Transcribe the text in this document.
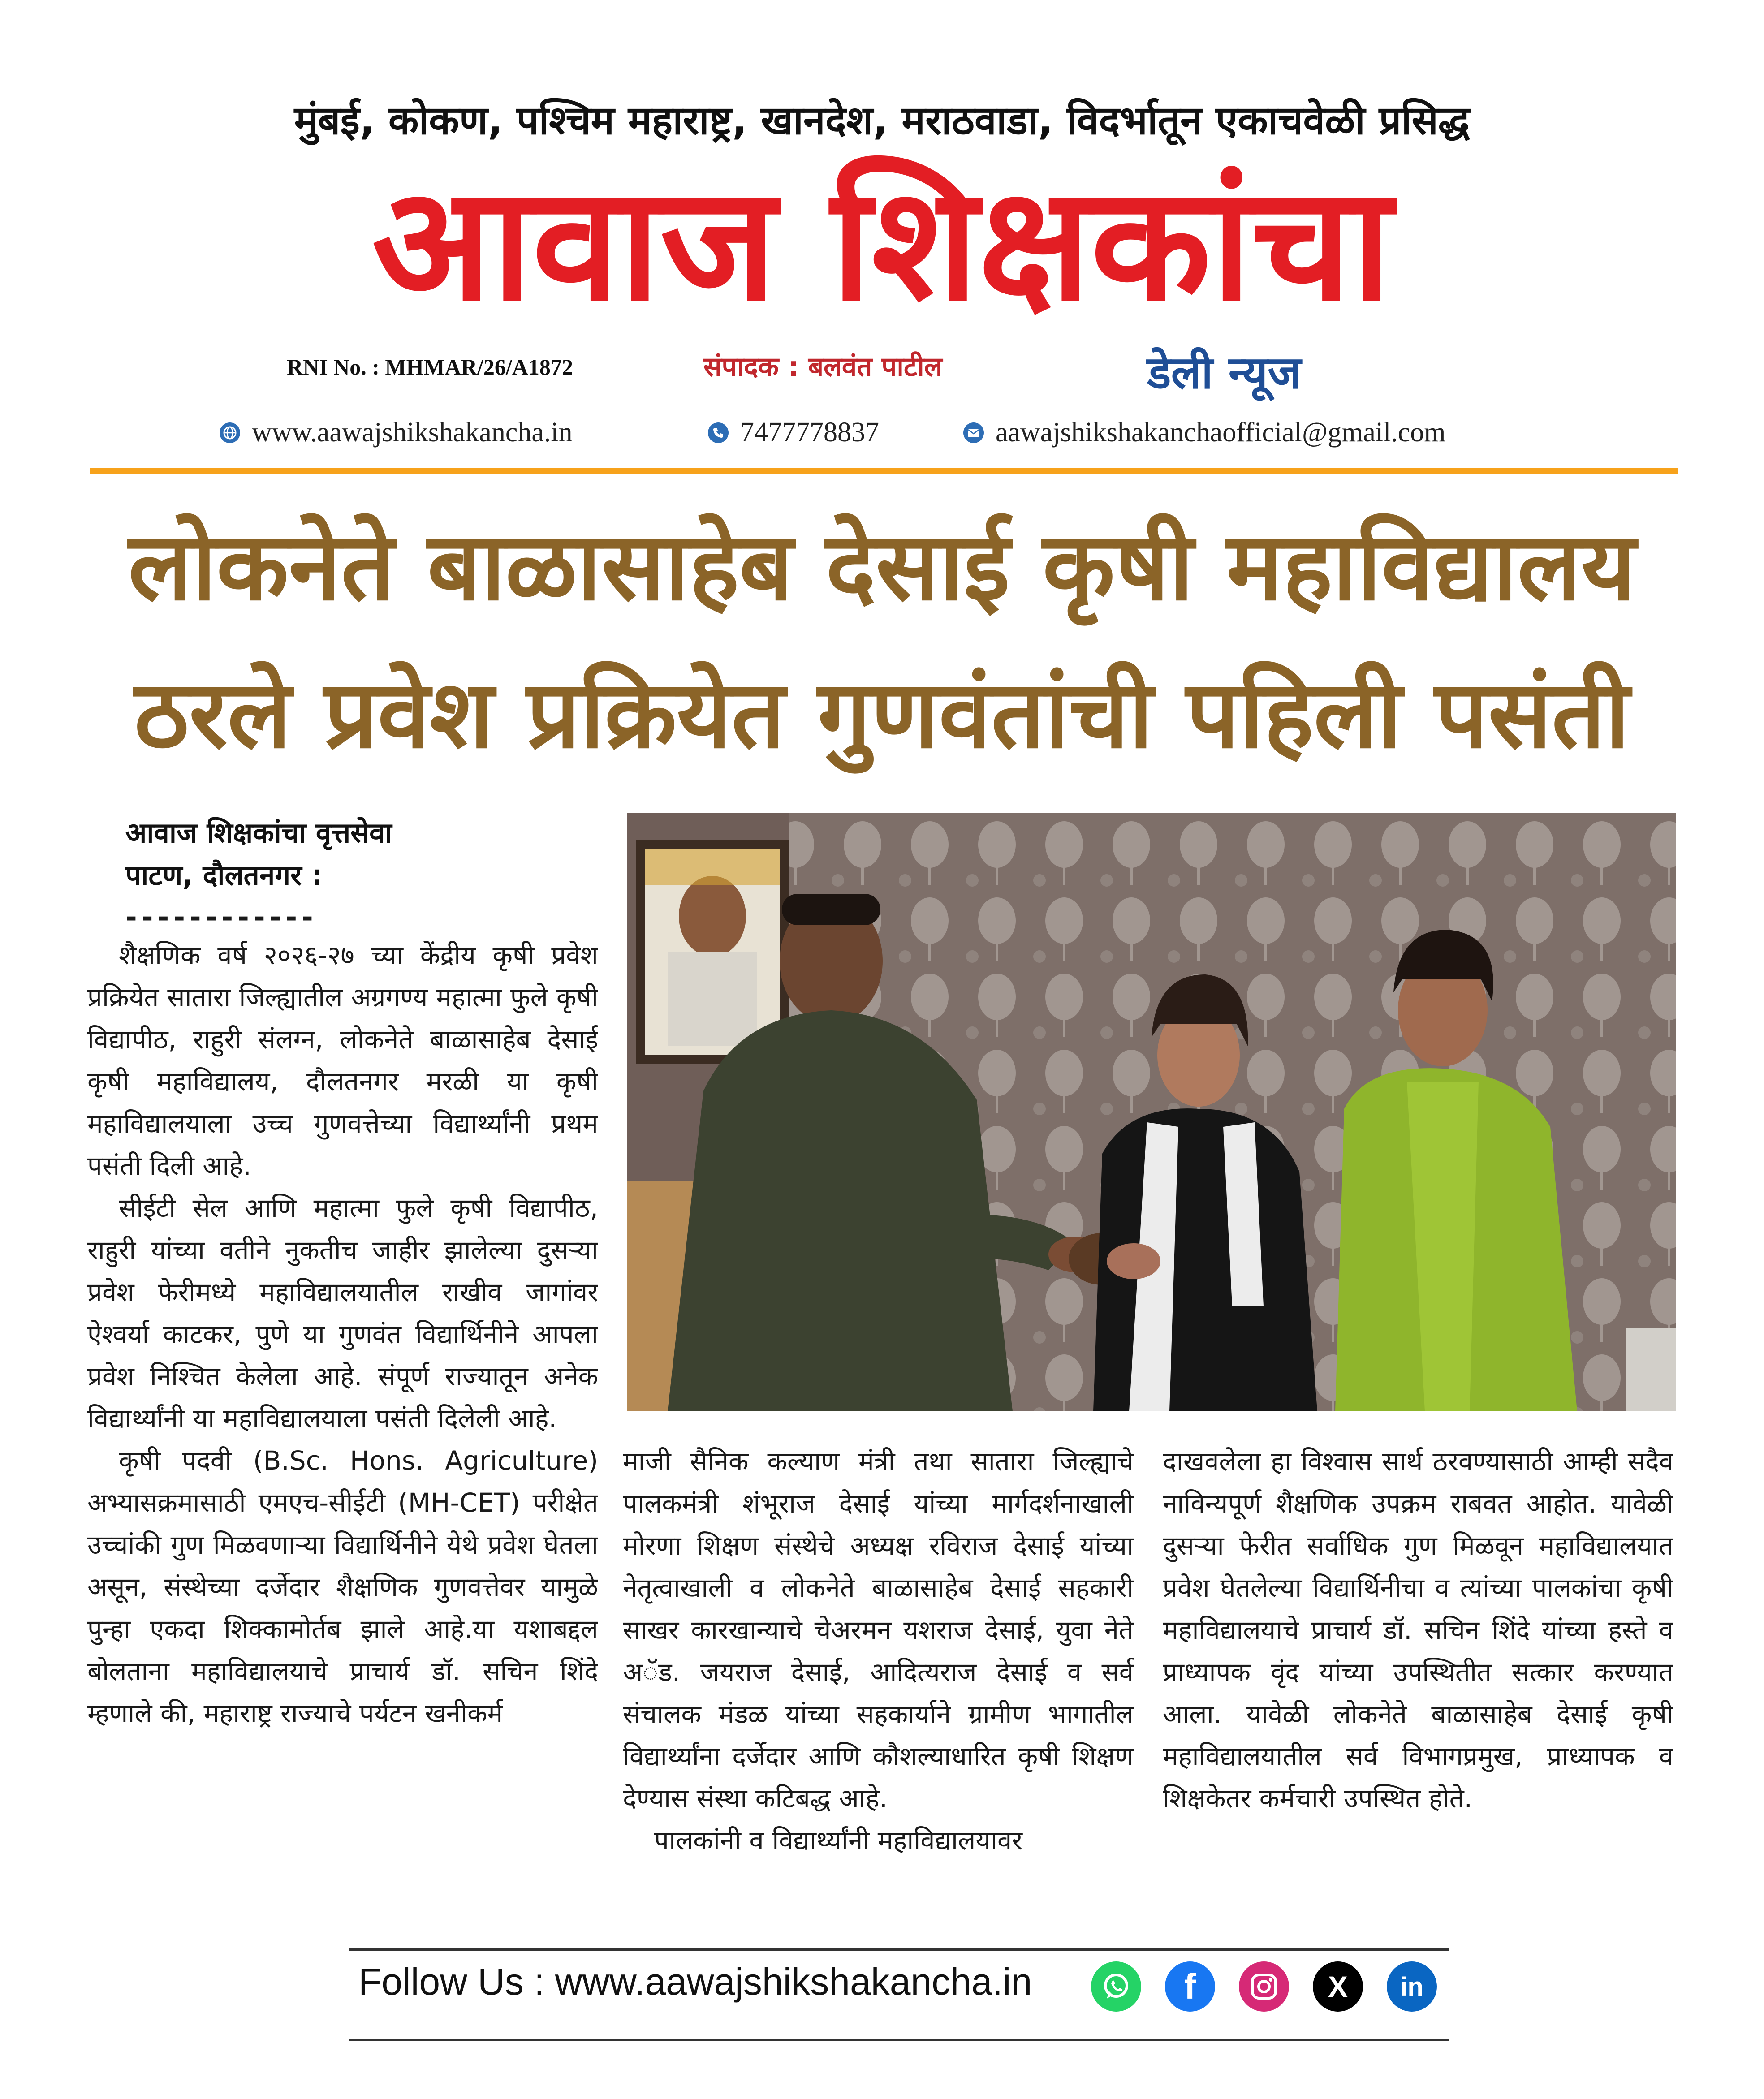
मुंबई, कोकण, पश्चिम महाराष्ट्र, खानदेश, मराठवाडा, विदर्भातून एकाचवेळी प्रसिद्ध
आवाज शिक्षकांचा
RNI No. : MHMAR/26/A1872	संपादक : बलवंत पाटील	डेली न्यूज
www.aawajshikshakancha.in	7477778837	aawajshikshakanchaofficial@gmail.com
लोकनेते बाळासाहेब देसाई कृषी महाविद्यालय
ठरले प्रवेश प्रक्रियेत गुणवंतांची पहिली पसंती
आवाज शिक्षकांचा वृत्तसेवा
पाटण, दौलतनगर :
------------

शैक्षणिक वर्ष २०२६-२७ च्या केंद्रीय कृषी प्रवेश प्रक्रियेत सातारा जिल्ह्यातील अग्रगण्य महात्मा फुले कृषी विद्यापीठ, राहुरी संलग्न, लोकनेते बाळासाहेब देसाई कृषी महाविद्यालय, दौलतनगर मरळी या कृषी महाविद्यालयाला उच्च गुणवत्तेच्या विद्यार्थ्यांनी प्रथम पसंती दिली आहे.

सीईटी सेल आणि महात्मा फुले कृषी विद्यापीठ, राहुरी यांच्या वतीने नुकतीच जाहीर झालेल्या दुसऱ्या प्रवेश फेरीमध्ये महाविद्यालयातील राखीव जागांवर ऐश्वर्या काटकर, पुणे या गुणवंत विद्यार्थिनीने आपला प्रवेश निश्चित केलेला आहे. संपूर्ण राज्यातून अनेक विद्यार्थ्यांनी या महाविद्यालयाला पसंती दिलेली आहे.

कृषी पदवी (B.Sc. Hons. Agriculture) अभ्यासक्रमासाठी एमएच-सीईटी (MH-CET) परीक्षेत उच्चांकी गुण मिळवणाऱ्या विद्यार्थिनीने येथे प्रवेश घेतला असून, संस्थेच्या दर्जेदार शैक्षणिक गुणवत्तेवर यामुळे पुन्हा एकदा शिक्कामोर्तब झाले आहे.या यशाबद्दल बोलताना महाविद्यालयाचे प्राचार्य डॉ. सचिन शिंदे म्हणाले की, महाराष्ट्र राज्याचे पर्यटन खनीकर्म

माजी सैनिक कल्याण मंत्री तथा सातारा जिल्ह्याचे पालकमंत्री शंभूराज देसाई यांच्या मार्गदर्शनाखाली मोरणा शिक्षण संस्थेचे अध्यक्ष रविराज देसाई यांच्या नेतृत्वाखाली व लोकनेते बाळासाहेब देसाई सहकारी साखर कारखान्याचे चेअरमन यशराज देसाई, युवा नेते अॅड. जयराज देसाई, आदित्यराज देसाई व सर्व संचालक मंडळ यांच्या सहकार्याने ग्रामीण भागातील विद्यार्थ्यांना दर्जेदार आणि कौशल्याधारित कृषी शिक्षण देण्यास संस्था कटिबद्ध आहे.

पालकांनी व विद्यार्थ्यांनी महाविद्यालयावर

दाखवलेला हा विश्वास सार्थ ठरवण्यासाठी आम्ही सदैव नाविन्यपूर्ण शैक्षणिक उपक्रम राबवत आहोत. यावेळी दुसऱ्या फेरीत सर्वाधिक गुण मिळवून महाविद्यालयात प्रवेश घेतलेल्या विद्यार्थिनीचा व त्यांच्या पालकांचा कृषी महाविद्यालयाचे प्राचार्य डॉ. सचिन शिंदे यांच्या हस्ते व प्राध्यापक वृंद यांच्या उपस्थितीत सत्कार करण्यात आला. यावेळी लोकनेते बाळासाहेब देसाई कृषी महाविद्यालयातील सर्व विभागप्रमुख, प्राध्यापक व शिक्षकेतर कर्मचारी उपस्थित होते.

Follow Us : www.aawajshikshakancha.in	f	X in
